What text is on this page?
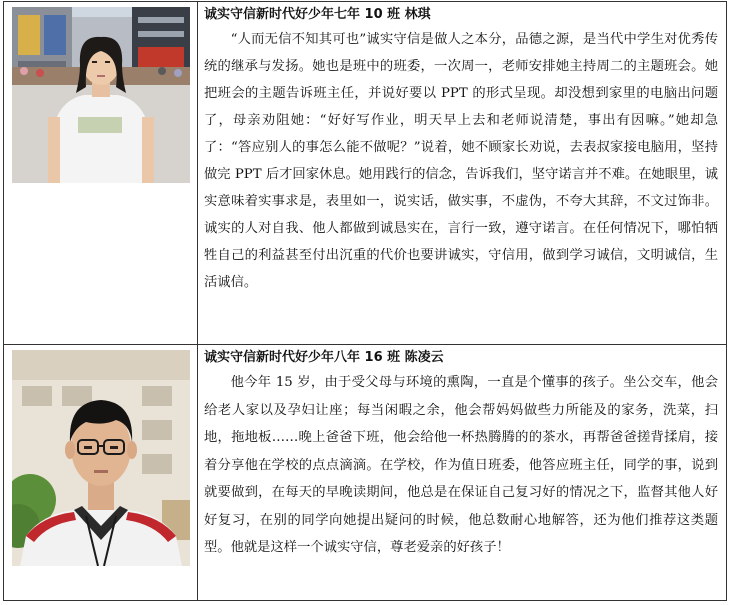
诚实守信新时代好少年七年 10 班 林琪
“人而无信不知其可也”诚实守信是做人之本分，品德之源，是当代中学生对优秀传统的继承与发扬。她也是班中的班委，一次周一，老师安排她主持周二的主题班会。她把班会的主题告诉班主任，并说好要以 PPT 的形式呈现。却没想到家里的电脑出问题了，母亲劝阻她：“好好写作业，明天早上去和老师说清楚，事出有因嘛。”她却急了：“答应别人的事怎么能不做呢？”说着，她不顾家长劝说，去表叔家接电脑用，坚持做完 PPT 后才回家休息。她用践行的信念，告诉我们，坚守诺言并不难。在她眼里，诚实意味着实事求是，表里如一，说实话，做实事，不虚伪，不夸大其辞，不文过饰非。诚实的人对自我、他人都做到诚恳实在，言行一致，遵守诺言。在任何情况下，哪怕牺牲自己的利益甚至付出沉重的代价也要讲诚实，守信用，做到学习诚信，文明诚信，生活诚信。

诚实守信新时代好少年八年 16 班 陈凌云
他今年 15 岁，由于受父母与环境的熏陶，一直是个懂事的孩子。坐公交车，他会给老人家以及孕妇让座；每当闲暇之余，他会帮妈妈做些力所能及的家务，洗菜，扫地，拖地板……晚上爸爸下班，他会给他一杯热腾腾的的茶水，再帮爸爸搓背揉肩，接着分享他在学校的点点滴滴。在学校，作为值日班委，他答应班主任，同学的事，说到就要做到，在每天的早晚读期间，他总是在保证自己复习好的情况之下，监督其他人好好复习，在别的同学向她提出疑问的时候，他总数耐心地解答，还为他们推荐这类题型。他就是这样一个诚实守信，尊老爱亲的好孩子！
